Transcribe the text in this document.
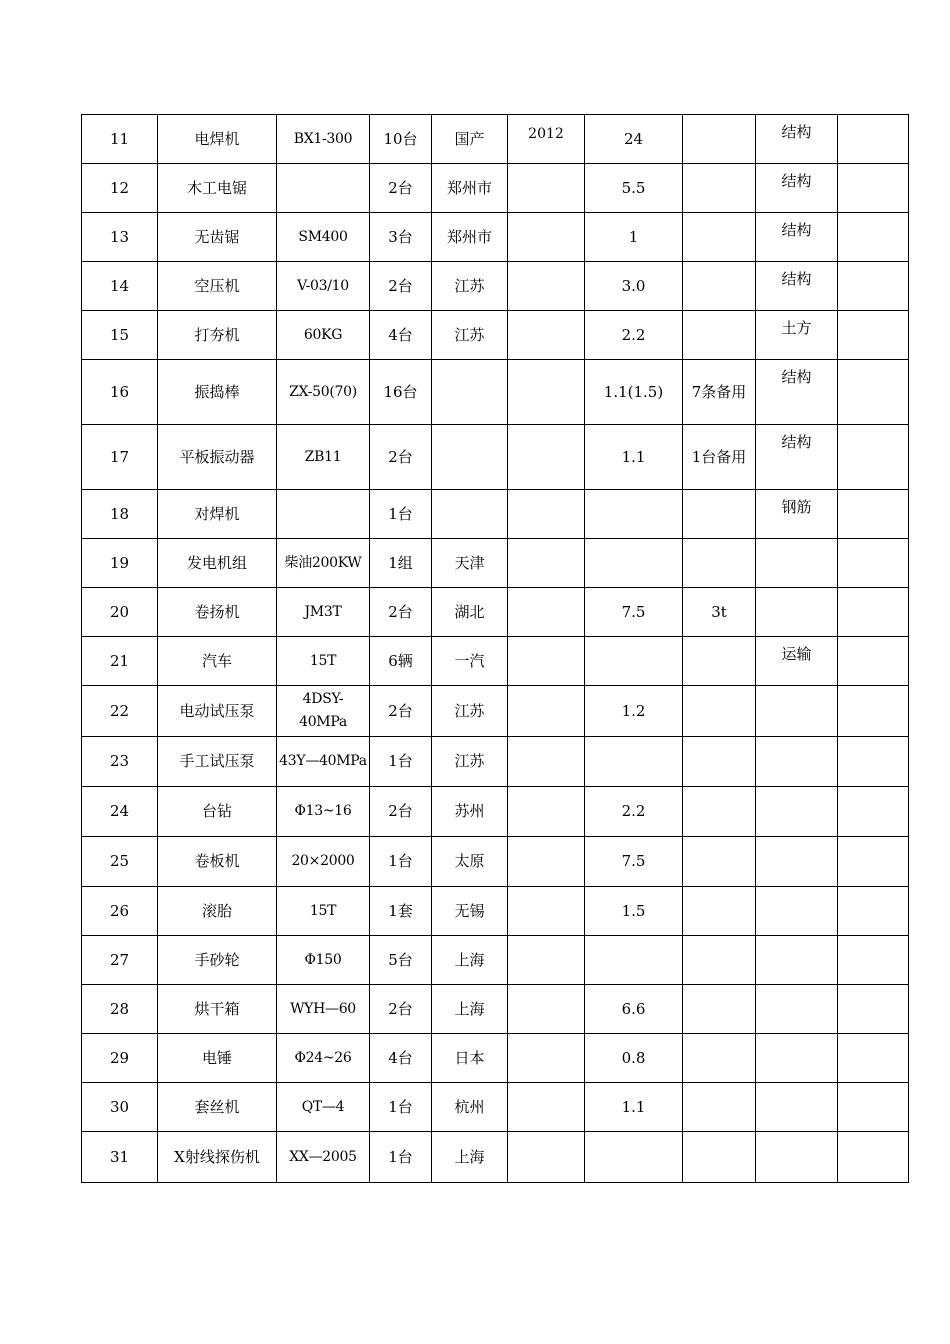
11	电焊机	BX1-300	10台	国产	2012	24		结构	
12	木工电锯		2台	郑州市		5.5		结构	
13	无齿锯	SM400	3台	郑州市		1		结构	
14	空压机	V-03/10	2台	江苏		3.0		结构	
15	打夯机	60KG	4台	江苏		2.2		土方	
16	振捣棒	ZX-50(70)	16台			1.1(1.5)	7条备用	结构	
17	平板振动器	ZB11	2台			1.1	1台备用	结构	
18	对焊机		1台					钢筋	
19	发电机组	柴油200KW	1组	天津					
20	卷扬机	JM3T	2台	湖北		7.5	3t		
21	汽车	15T	6辆	一汽				运输	
22	电动试压泵	4DSY-40MPa	2台	江苏		1.2			
23	手工试压泵	43Y—40MPa	1台	江苏					
24	台钻	Φ13~16	2台	苏州		2.2			
25	卷板机	20×2000	1台	太原		7.5			
26	滚胎	15T	1套	无锡		1.5			
27	手砂轮	Φ150	5台	上海					
28	烘干箱	WYH—60	2台	上海		6.6			
29	电锤	Φ24~26	4台	日本		0.8			
30	套丝机	QT—4	1台	杭州		1.1			
31	X射线探伤机	XX—2005	1台	上海					
